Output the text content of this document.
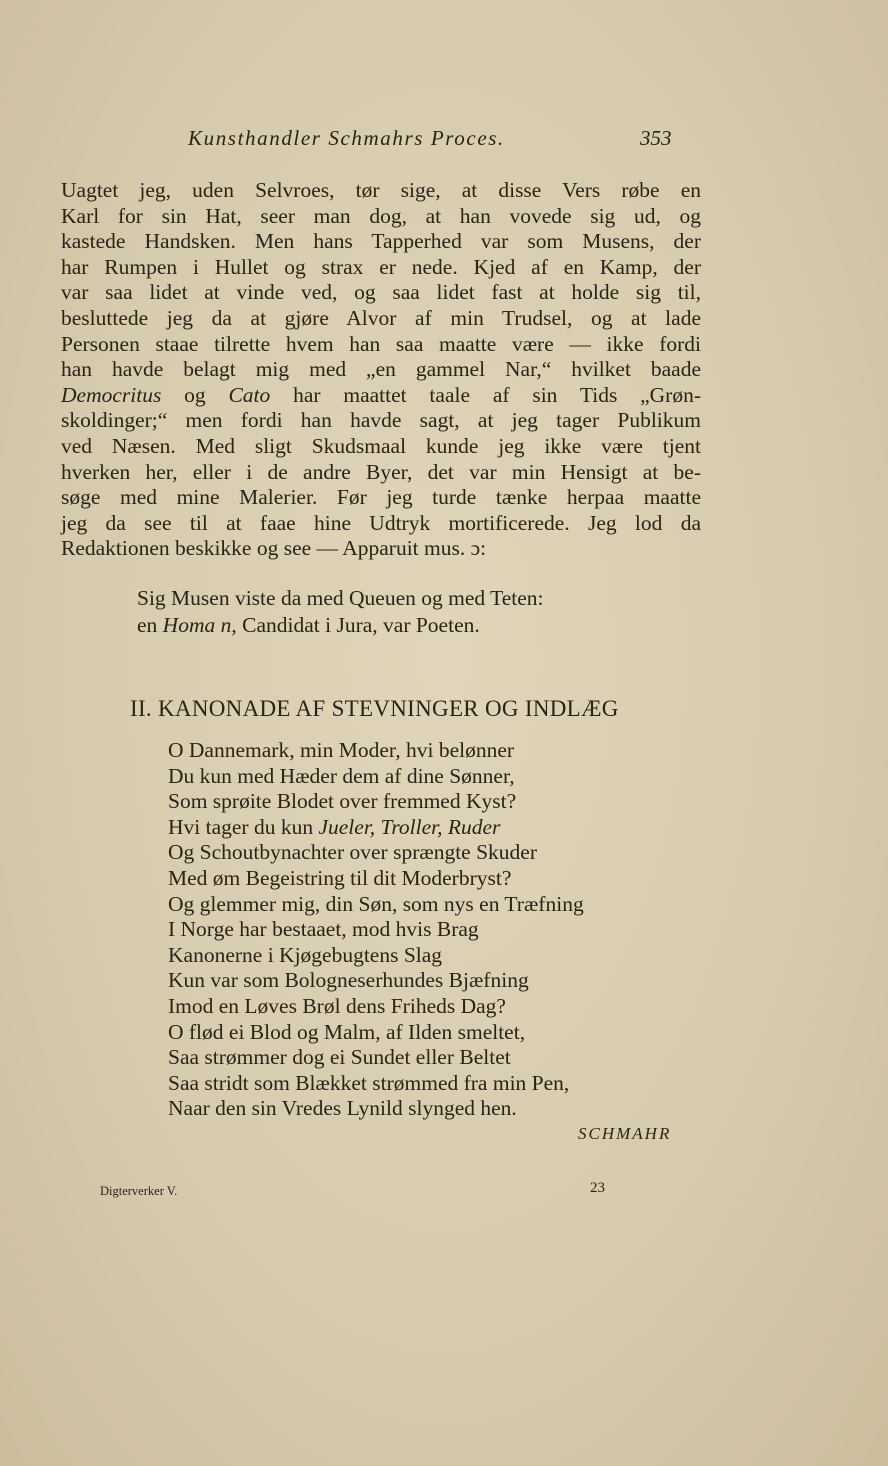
Kunsthandler Schmahrs Proces.	353
Uagtet jeg, uden Selvroes, tør sige, at disse Vers røbe en
Karl for sin Hat, seer man dog, at han vovede sig ud, og
kastede Handsken. Men hans Tapperhed var som Musens, der
har Rumpen i Hullet og strax er nede. Kjed af en Kamp, der
var saa lidet at vinde ved, og saa lidet fast at holde sig til,
besluttede jeg da at gjøre Alvor af min Trudsel, og at lade
Personen staae tilrette hvem han saa maatte være — ikke fordi
han havde belagt mig med „en gammel Nar,“ hvilket baade
Democritus og Cato har maattet taale af sin Tids „Grøn-
skoldinger;“ men fordi han havde sagt, at jeg tager Publikum
ved Næsen. Med sligt Skudsmaal kunde jeg ikke være tjent
hverken her, eller i de andre Byer, det var min Hensigt at be-
søge med mine Malerier. Før jeg turde tænke herpaa maatte
jeg da see til at faae hine Udtryk mortificerede. Jeg lod da
Redaktionen beskikke og see — Apparuit mus. ɔ:
Sig Musen viste da med Queuen og med Teten:
en Homa n, Candidat i Jura, var Poeten.
II. KANONADE AF STEVNINGER OG INDLÆG
O Dannemark, min Moder, hvi belønner
Du kun med Hæder dem af dine Sønner,
Som sprøite Blodet over fremmed Kyst?
Hvi tager du kun Jueler, Troller, Ruder
Og Schoutbynachter over sprængte Skuder
Med øm Begeistring til dit Moderbryst?
Og glemmer mig, din Søn, som nys en Træfning
I Norge har bestaaet, mod hvis Brag
Kanonerne i Kjøgebugtens Slag
Kun var som Bologneserhundes Bjæfning
Imod en Løves Brøl dens Friheds Dag?
O flød ei Blod og Malm, af Ilden smeltet,
Saa strømmer dog ei Sundet eller Beltet
Saa stridt som Blækket strømmed fra min Pen,
Naar den sin Vredes Lynild slynged hen.
SCHMAHR
Digterverker V.	23
